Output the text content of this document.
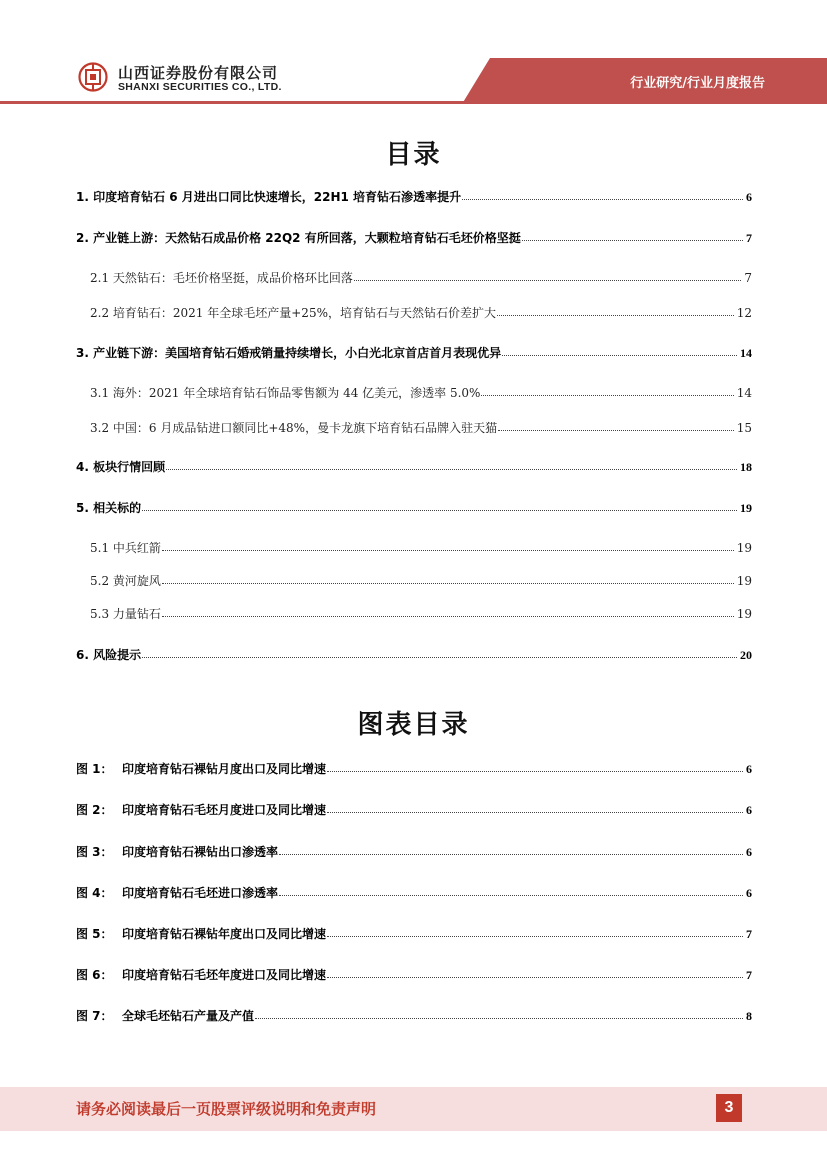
山西证券股份有限公司
SHANXI SECURITIES CO., LTD.	行业研究/行业月度报告
目录
1. 印度培育钻石 6 月进出口同比快速增长，22H1 培育钻石渗透率提升	6
2. 产业链上游：天然钻石成品价格 22Q2 有所回落，大颗粒培育钻石毛坯价格坚挺	7
2.1 天然钻石：毛坯价格坚挺，成品价格环比回落	7
2.2 培育钻石：2021 年全球毛坯产量+25%，培育钻石与天然钻石价差扩大	12
3. 产业链下游：美国培育钻石婚戒销量持续增长，小白光北京首店首月表现优异	14
3.1 海外：2021 年全球培育钻石饰品零售额为 44 亿美元，渗透率 5.0%	14
3.2 中国：6 月成品钻进口额同比+48%，曼卡龙旗下培育钻石品牌入驻天猫	15
4. 板块行情回顾	18
5. 相关标的	19
5.1 中兵红箭	19
5.2 黄河旋风	19
5.3 力量钻石	19
6. 风险提示	20
图表目录
图 1： 印度培育钻石裸钻月度出口及同比增速	6
图 2： 印度培育钻石毛坯月度进口及同比增速	6
图 3： 印度培育钻石裸钻出口渗透率	6
图 4： 印度培育钻石毛坯进口渗透率	6
图 5： 印度培育钻石裸钻年度出口及同比增速	7
图 6： 印度培育钻石毛坯年度进口及同比增速	7
图 7： 全球毛坯钻石产量及产值	8
请务必阅读最后一页股票评级说明和免责声明	3
